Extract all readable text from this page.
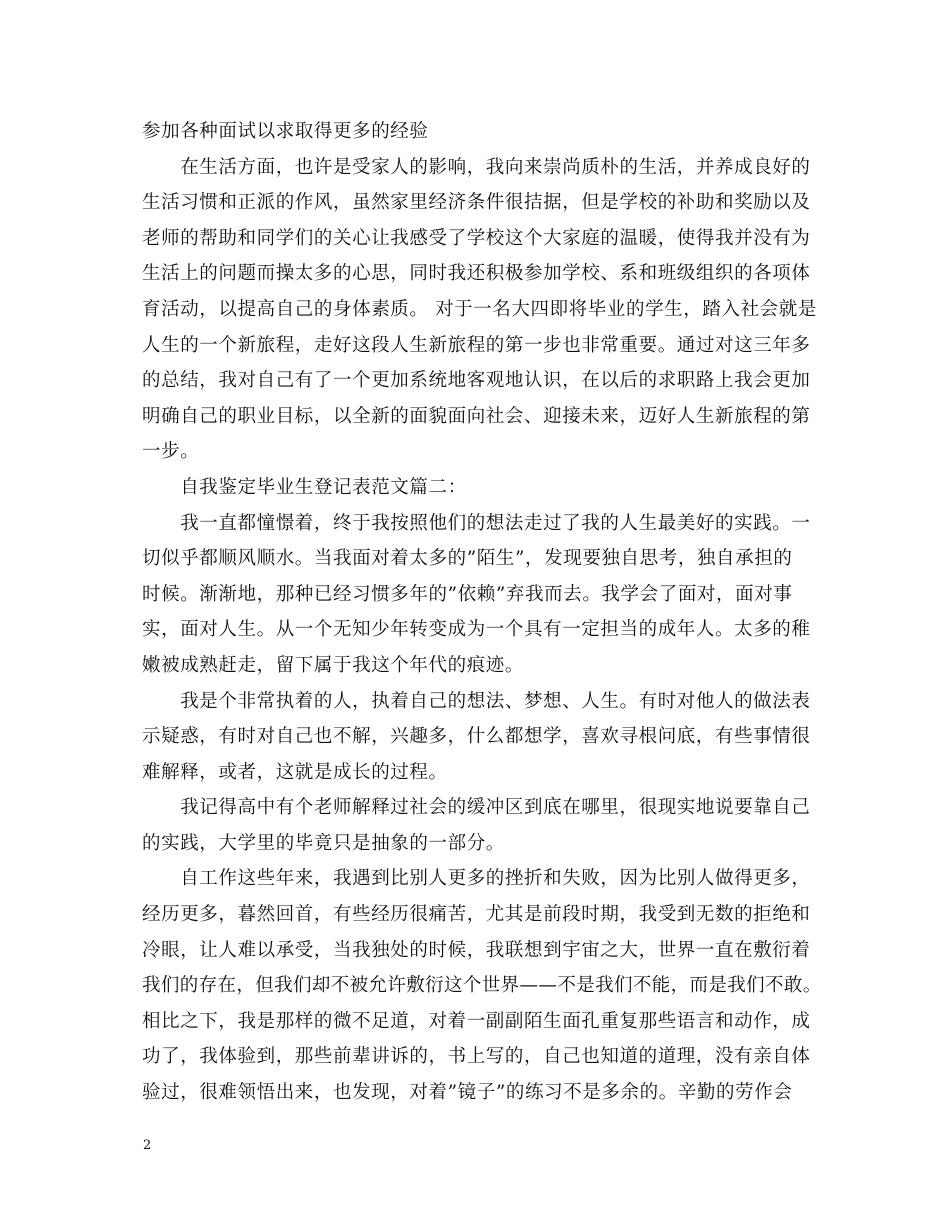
参加各种面试以求取得更多的经验
　　在生活方面，也许是受家人的影响，我向来崇尚质朴的生活，并养成良好的
生活习惯和正派的作风，虽然家里经济条件很拮据，但是学校的补助和奖励以及
老师的帮助和同学们的关心让我感受了学校这个大家庭的温暖，使得我并没有为
生活上的问题而操太多的心思，同时我还积极参加学校、系和班级组织的各项体
育活动，以提高自己的身体素质。 对于一名大四即将毕业的学生，踏入社会就是
人生的一个新旅程，走好这段人生新旅程的第一步也非常重要。通过对这三年多
的总结，我对自己有了一个更加系统地客观地认识，在以后的求职路上我会更加
明确自己的职业目标，以全新的面貌面向社会、迎接未来，迈好人生新旅程的第
一步。
　　自我鉴定毕业生登记表范文篇二：
　　我一直都憧憬着，终于我按照他们的想法走过了我的人生最美好的实践。一
切似乎都顺风顺水。当我面对着太多的”陌生”，发现要独自思考，独自承担的
时候。渐渐地，那种已经习惯多年的”依赖”弃我而去。我学会了面对，面对事
实，面对人生。从一个无知少年转变成为一个具有一定担当的成年人。太多的稚
嫩被成熟赶走，留下属于我这个年代的痕迹。
　　我是个非常执着的人，执着自己的想法、梦想、人生。有时对他人的做法表
示疑惑，有时对自己也不解，兴趣多，什么都想学，喜欢寻根问底，有些事情很
难解释，或者，这就是成长的过程。
　　我记得高中有个老师解释过社会的缓冲区到底在哪里，很现实地说要靠自己
的实践，大学里的毕竟只是抽象的一部分。
　　自工作这些年来，我遇到比别人更多的挫折和失败，因为比别人做得更多，
经历更多，暮然回首，有些经历很痛苦，尤其是前段时期，我受到无数的拒绝和
冷眼，让人难以承受，当我独处的时候，我联想到宇宙之大，世界一直在敷衍着
我们的存在，但我们却不被允许敷衍这个世界——不是我们不能，而是我们不敢。
相比之下，我是那样的微不足道，对着一副副陌生面孔重复那些语言和动作，成
功了，我体验到，那些前辈讲诉的，书上写的，自己也知道的道理，没有亲自体
验过，很难领悟出来，也发现，对着”镜子”的练习不是多余的。辛勤的劳作会
2
